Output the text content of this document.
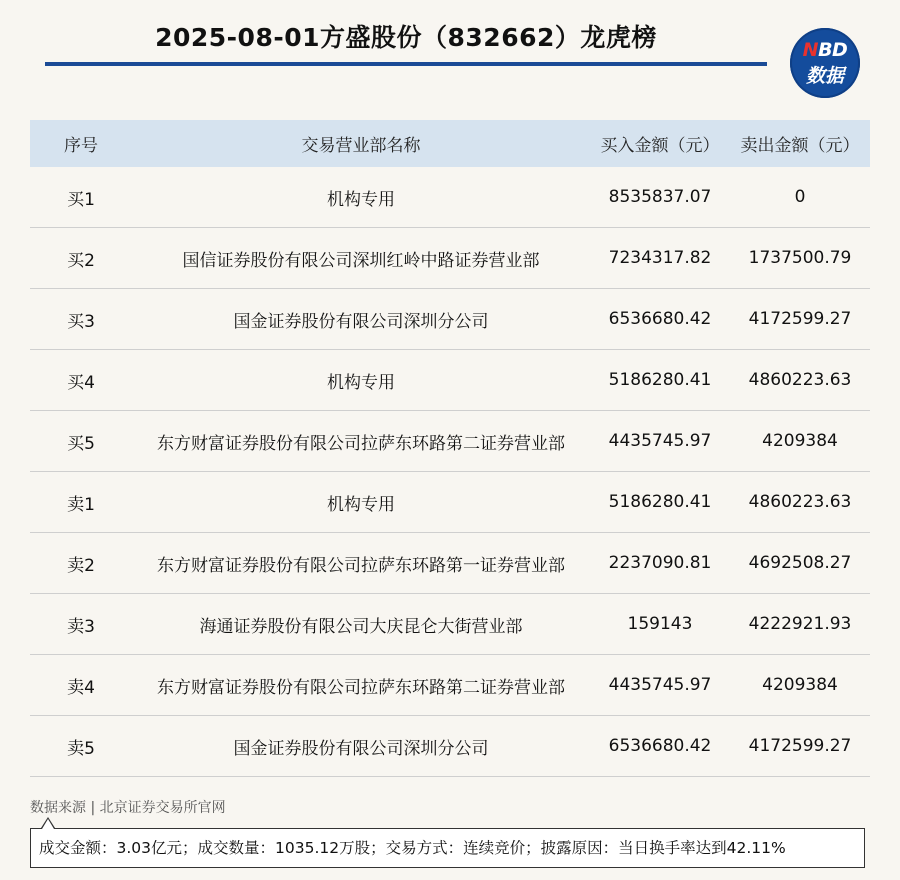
2025-08-01方盛股份（832662）龙虎榜	NBD
数据
序号	交易营业部名称	买入金额（元）	卖出金额（元）
买1	机构专用	8535837.07	0
买2	国信证券股份有限公司深圳红岭中路证券营业部	7234317.82	1737500.79
买3	国金证券股份有限公司深圳分公司	6536680.42	4172599.27
买4	机构专用	5186280.41	4860223.63
买5	东方财富证券股份有限公司拉萨东环路第二证券营业部	4435745.97	4209384
卖1	机构专用	5186280.41	4860223.63
卖2	东方财富证券股份有限公司拉萨东环路第一证券营业部	2237090.81	4692508.27
卖3	海通证券股份有限公司大庆昆仑大街营业部	159143	4222921.93
卖4	东方财富证券股份有限公司拉萨东环路第二证券营业部	4435745.97	4209384
卖5	国金证券股份有限公司深圳分公司	6536680.42	4172599.27
数据来源 | 北京证券交易所官网
成交金额：3.03亿元；成交数量：1035.12万股；交易方式：连续竞价；披露原因：当日换手率达到42.11%
